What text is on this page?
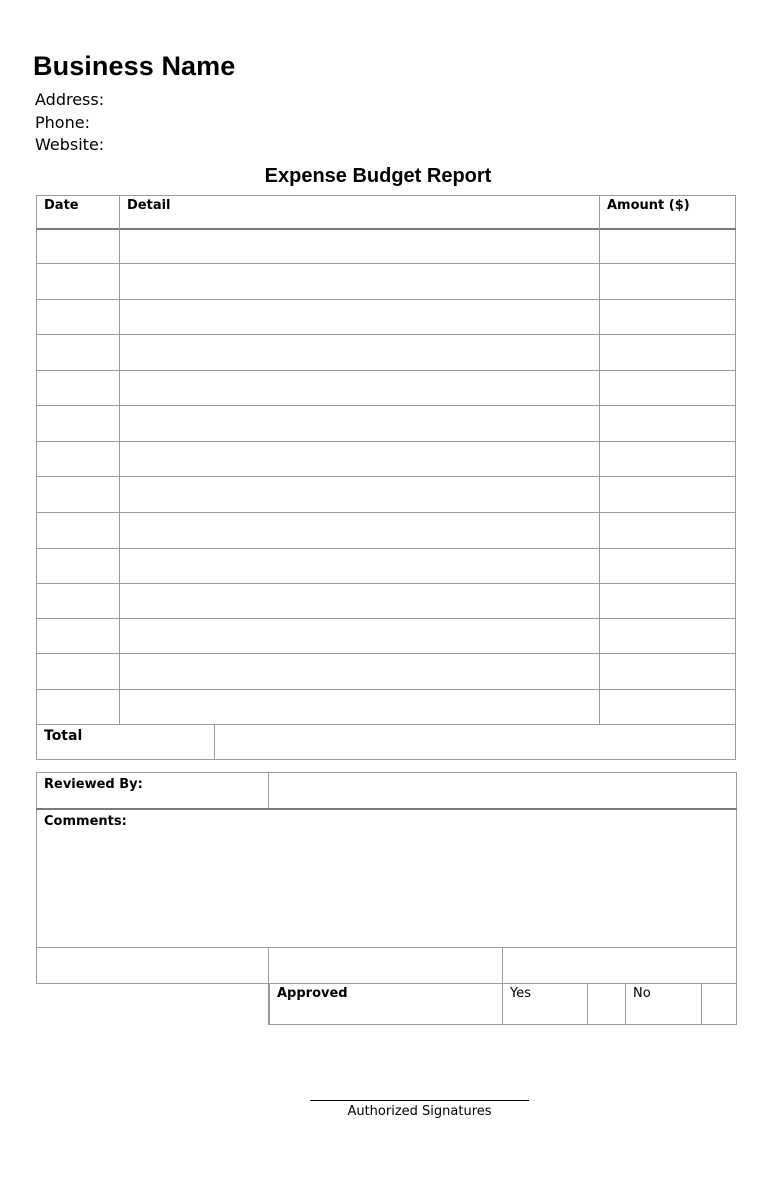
Business Name
Address:
Phone:
Website:
Expense Budget Report
Date	Detail	Amount ($)
Total
Reviewed By:
Comments:
Approved	Yes	No
Authorized Signatures
